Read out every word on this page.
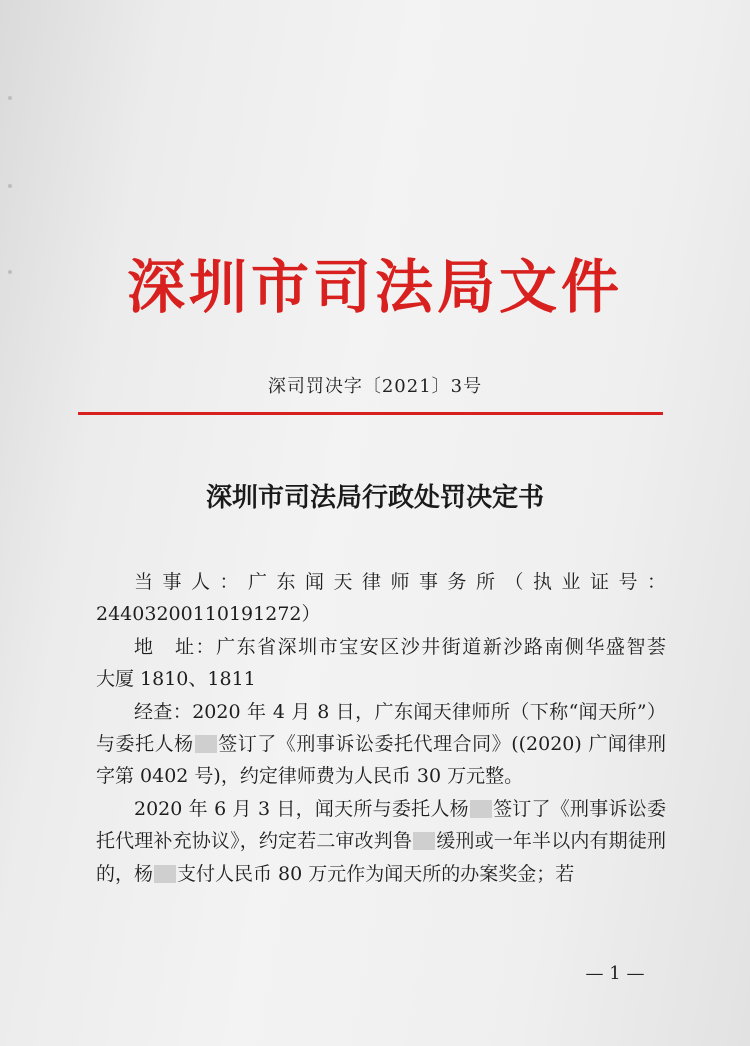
深圳市司法局文件
深司罚决字〔2021〕3号
深圳市司法局行政处罚决定书

当事人：广东闻天律师事务所（执业证号：

24403200110191272）

地　址：广东省深圳市宝安区沙井街道新沙路南侧华盛智荟

大厦 1810、1811

经查：2020 年 4 月 8 日，广东闻天律师所（下称“闻天所”）与委托人杨 签订了《刑事诉讼委托代理合同》((2020) 广闻律刑字第 0402 号)，约定律师费为人民币 30 万元整。

2020 年 6 月 3 日，闻天所与委托人杨 签订了《刑事诉讼委托代理补充协议》，约定若二审改判鲁 缓刑或一年半以内有期徒刑的，杨 支付人民币 80 万元作为闻天所的办案奖金；若

— 1 —
